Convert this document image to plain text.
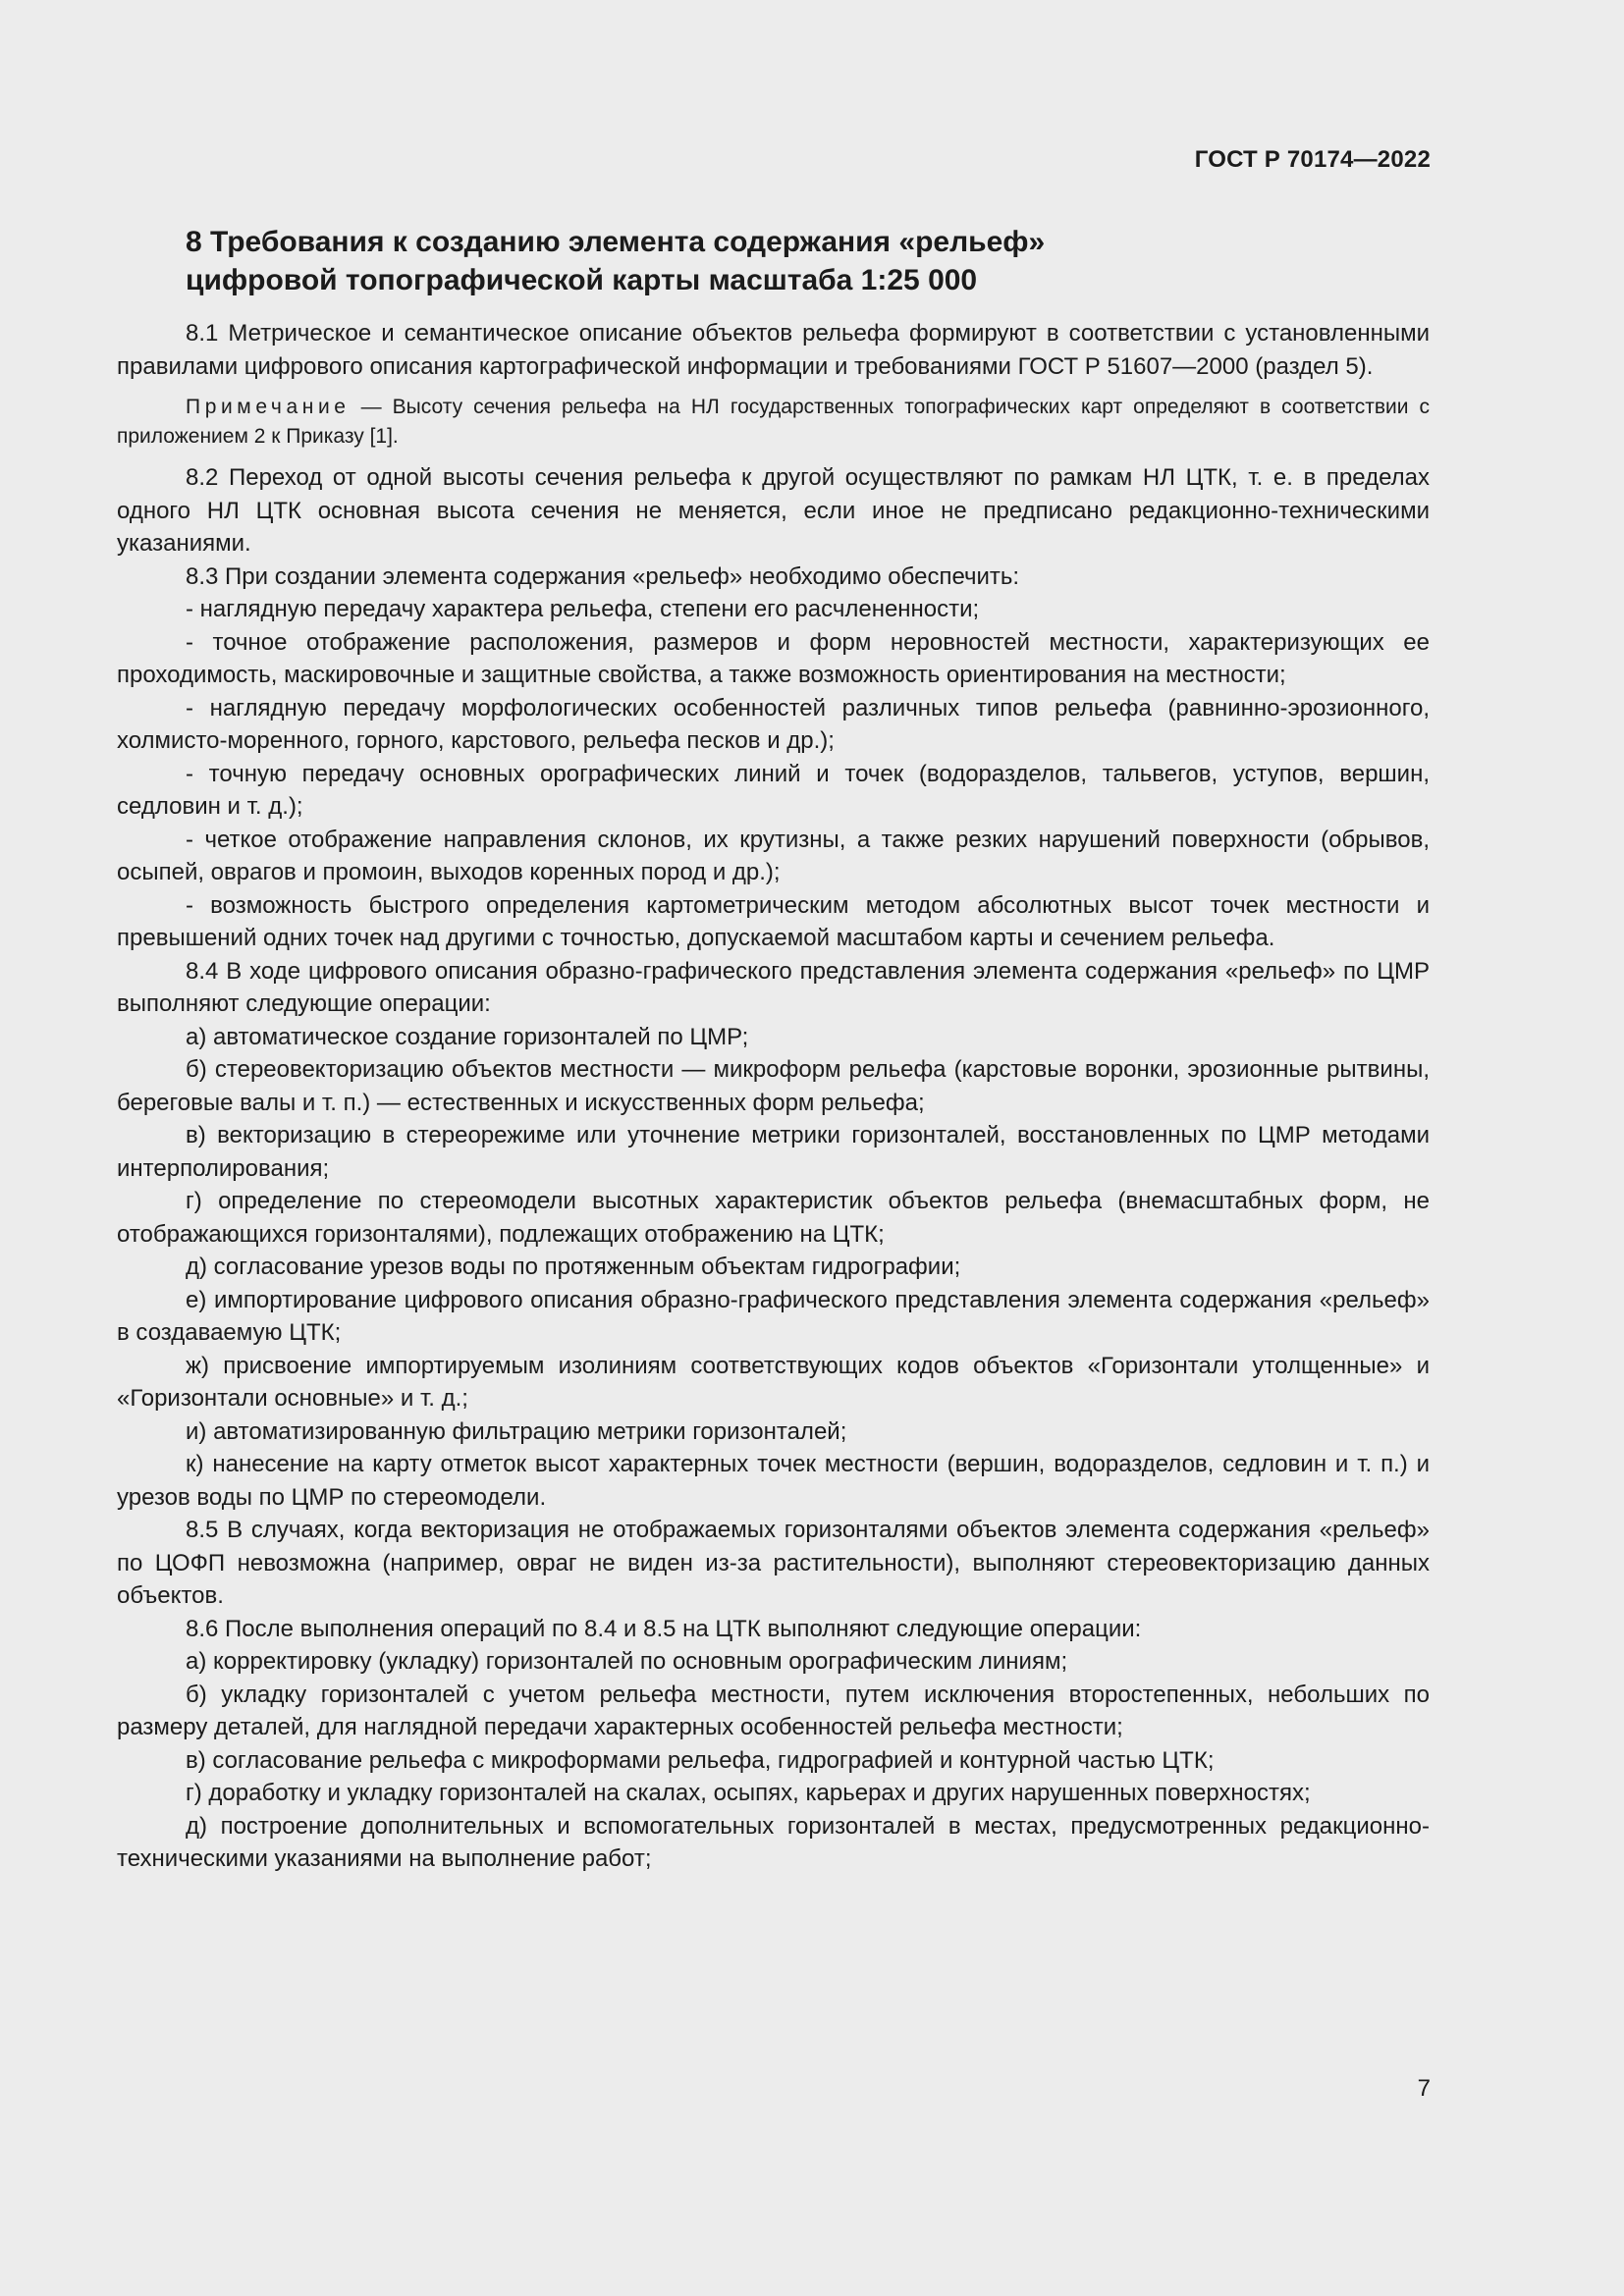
ГОСТ Р 70174—2022
8 Требования к созданию элемента содержания «рельеф»
цифровой топографической карты масштаба 1:25 000

8.1 Метрическое и семантическое описание объектов рельефа формируют в соответствии с установленными правилами цифрового описания картографической информации и требованиями ГОСТ Р 51607—2000 (раздел 5).

Примечание — Высоту сечения рельефа на НЛ государственных топографических карт определяют в соответствии с приложением 2 к Приказу [1].

8.2 Переход от одной высоты сечения рельефа к другой осуществляют по рамкам НЛ ЦТК, т. е. в пределах одного НЛ ЦТК основная высота сечения не меняется, если иное не предписано редакционно-техническими указаниями.

8.3 При создании элемента содержания «рельеф» необходимо обеспечить:

- наглядную передачу характера рельефа, степени его расчлененности;

- точное отображение расположения, размеров и форм неровностей местности, характеризующих ее проходимость, маскировочные и защитные свойства, а также возможность ориентирования на местности;

- наглядную передачу морфологических особенностей различных типов рельефа (равнинно-эрозионного, холмисто-моренного, горного, карстового, рельефа песков и др.);

- точную передачу основных орографических линий и точек (водоразделов, тальвегов, уступов, вершин, седловин и т. д.);

- четкое отображение направления склонов, их крутизны, а также резких нарушений поверхности (обрывов, осыпей, оврагов и промоин, выходов коренных пород и др.);

- возможность быстрого определения картометрическим методом абсолютных высот точек местности и превышений одних точек над другими с точностью, допускаемой масштабом карты и сечением рельефа.

8.4 В ходе цифрового описания образно-графического представления элемента содержания «рельеф» по ЦМР выполняют следующие операции:

а) автоматическое создание горизонталей по ЦМР;

б) стереовекторизацию объектов местности — микроформ рельефа (карстовые воронки, эрозионные рытвины, береговые валы и т. п.) — естественных и искусственных форм рельефа;

в) векторизацию в стереорежиме или уточнение метрики горизонталей, восстановленных по ЦМР методами интерполирования;

г) определение по стереомодели высотных характеристик объектов рельефа (внемасштабных форм, не отображающихся горизонталями), подлежащих отображению на ЦТК;

д) согласование урезов воды по протяженным объектам гидрографии;

е) импортирование цифрового описания образно-графического представления элемента содержания «рельеф» в создаваемую ЦТК;

ж) присвоение импортируемым изолиниям соответствующих кодов объектов «Горизонтали утолщенные» и «Горизонтали основные» и т. д.;

и) автоматизированную фильтрацию метрики горизонталей;

к) нанесение на карту отметок высот характерных точек местности (вершин, водоразделов, седловин и т. п.) и урезов воды по ЦМР по стереомодели.

8.5 В случаях, когда векторизация не отображаемых горизонталями объектов элемента содержания «рельеф» по ЦОФП невозможна (например, овраг не виден из-за растительности), выполняют стереовекторизацию данных объектов.

8.6 После выполнения операций по 8.4 и 8.5 на ЦТК выполняют следующие операции:

а) корректировку (укладку) горизонталей по основным орографическим линиям;

б) укладку горизонталей с учетом рельефа местности, путем исключения второстепенных, небольших по размеру деталей, для наглядной передачи характерных особенностей рельефа местности;

в) согласование рельефа с микроформами рельефа, гидрографией и контурной частью ЦТК;

г) доработку и укладку горизонталей на скалах, осыпях, карьерах и других нарушенных поверхностях;

д) построение дополнительных и вспомогательных горизонталей в местах, предусмотренных редакционно-техническими указаниями на выполнение работ;

7
